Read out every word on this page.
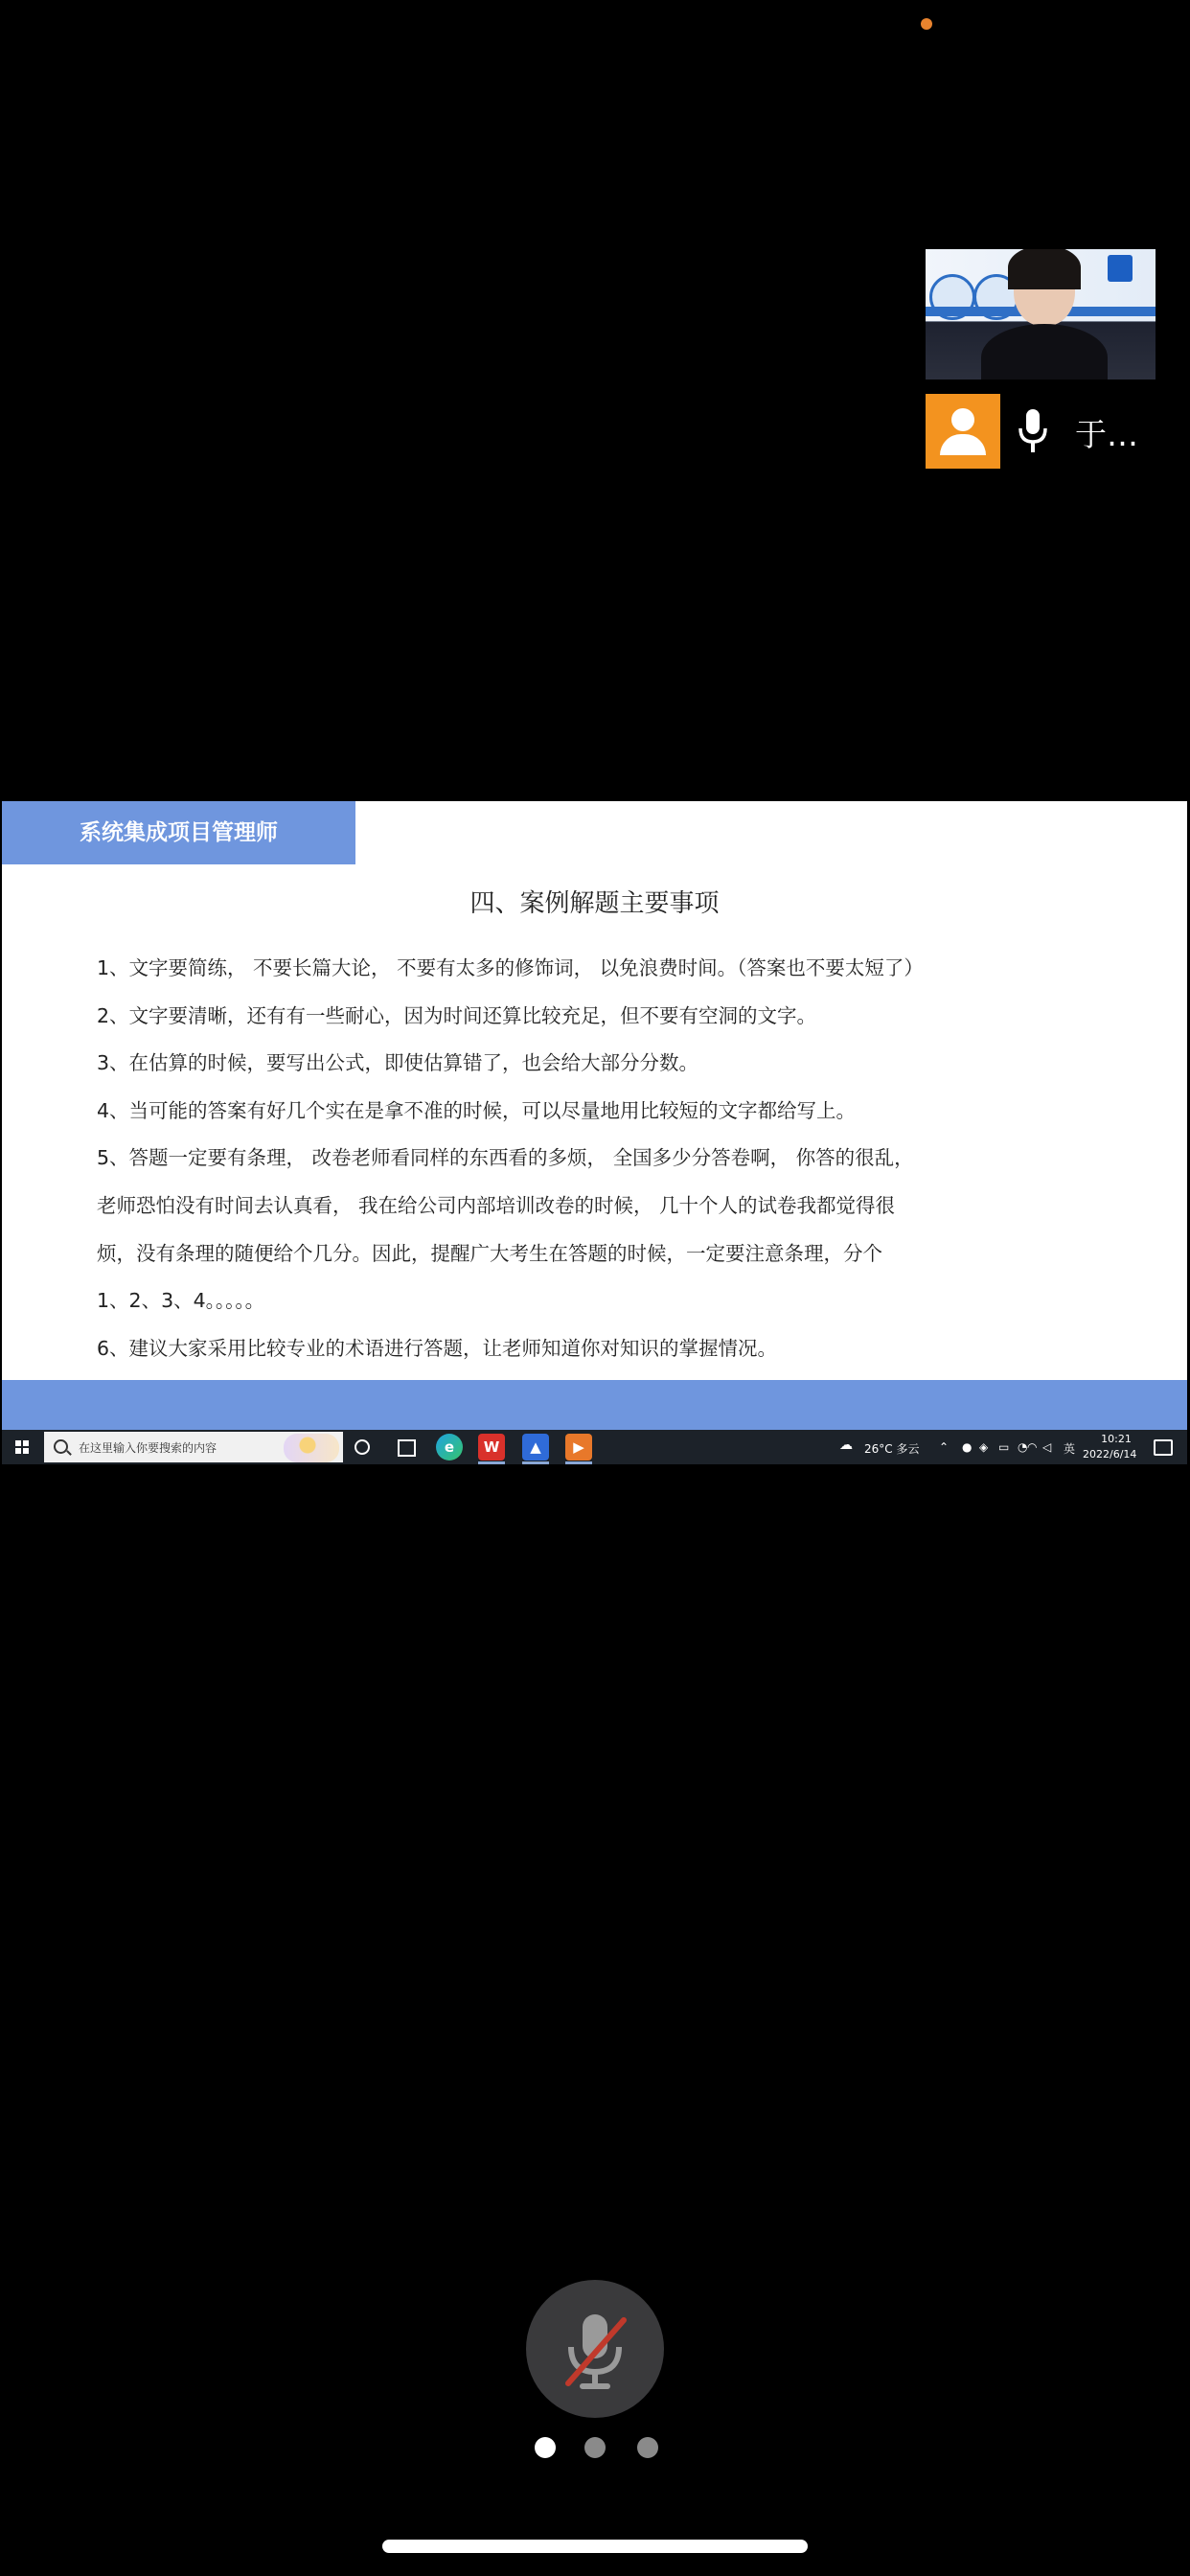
于…
系统集成项目管理师
四、案例解题主要事项
1、文字要简练， 不要长篇大论， 不要有太多的修饰词， 以免浪费时间。（答案也不要太短了）
2、文字要清晰，还有有一些耐心，因为时间还算比较充足，但不要有空洞的文字。
3、在估算的时候，要写出公式，即使估算错了，也会给大部分分数。
4、当可能的答案有好几个实在是拿不准的时候，可以尽量地用比较短的文字都给写上。
5、答题一定要有条理， 改卷老师看同样的东西看的多烦， 全国多少分答卷啊， 你答的很乱，
老师恐怕没有时间去认真看， 我在给公司内部培训改卷的时候， 几十个人的试卷我都觉得很
烦，没有条理的随便给个几分。因此，提醒广大考生在答题的时候，一定要注意条理，分个
1、2、3、4。。。。。
6、建议大家采用比较专业的术语进行答题，让老师知道你对知识的掌握情况。
在这里输入你要搜索的内容	e	W	▲	▶	☁ 26°C 多云 ⌃ ● ◈ ▭ ◔ ◠ ◁ 英
10:21
2022/6/14
